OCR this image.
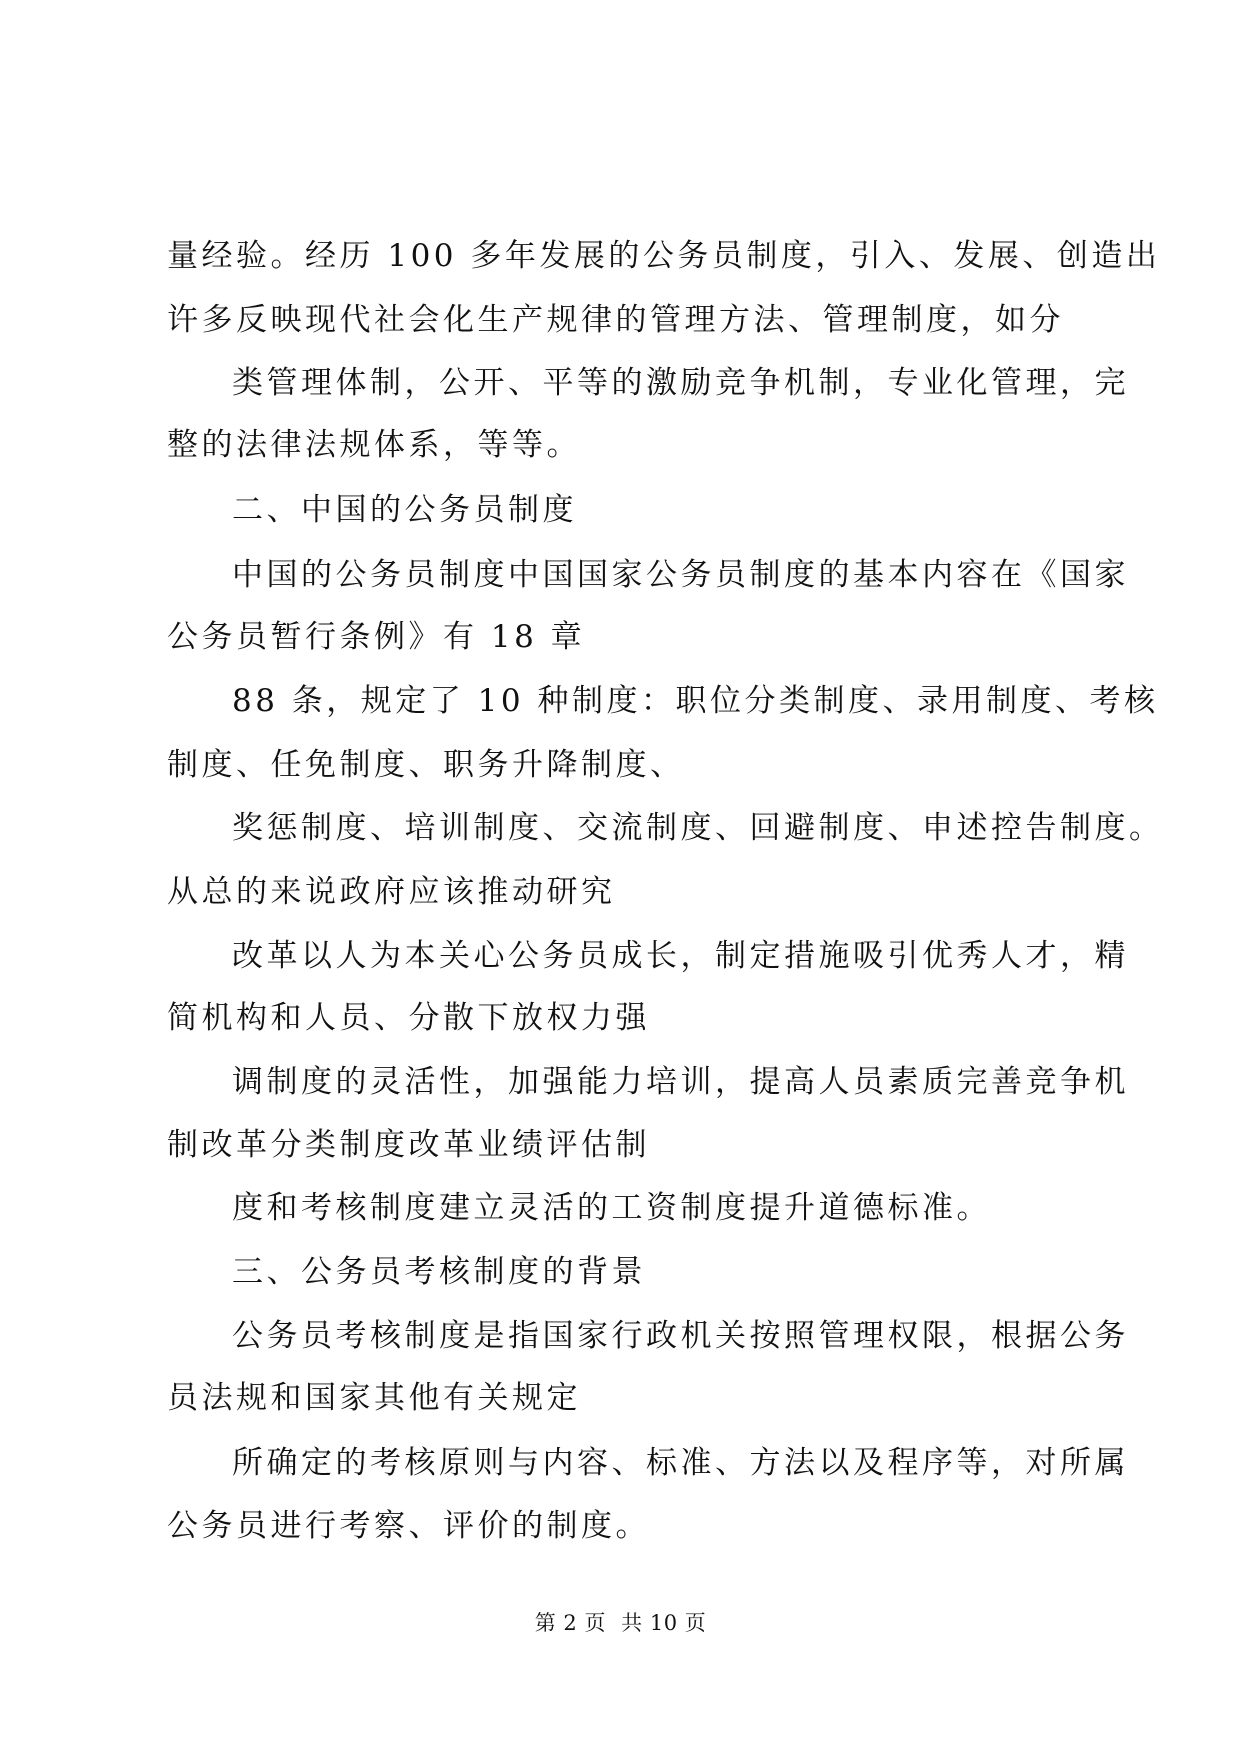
量经验。经历 100 多年发展的公务员制度，引入、发展、创造出
许多反映现代社会化生产规律的管理方法、管理制度，如分
类管理体制，公开、平等的激励竞争机制，专业化管理，完
整的法律法规体系，等等。
二、中国的公务员制度
中国的公务员制度中国国家公务员制度的基本内容在《国家
公务员暂行条例》有 18 章
88 条，规定了 10 种制度：职位分类制度、录用制度、考核
制度、任免制度、职务升降制度、
奖惩制度、培训制度、交流制度、回避制度、申述控告制度。
从总的来说政府应该推动研究
改革以人为本关心公务员成长，制定措施吸引优秀人才，精
简机构和人员、分散下放权力强
调制度的灵活性，加强能力培训，提高人员素质完善竞争机
制改革分类制度改革业绩评估制
度和考核制度建立灵活的工资制度提升道德标准。
三、公务员考核制度的背景
公务员考核制度是指国家行政机关按照管理权限，根据公务
员法规和国家其他有关规定
所确定的考核原则与内容、标准、方法以及程序等，对所属
公务员进行考察、评价的制度。
第 2 页 共 10 页
